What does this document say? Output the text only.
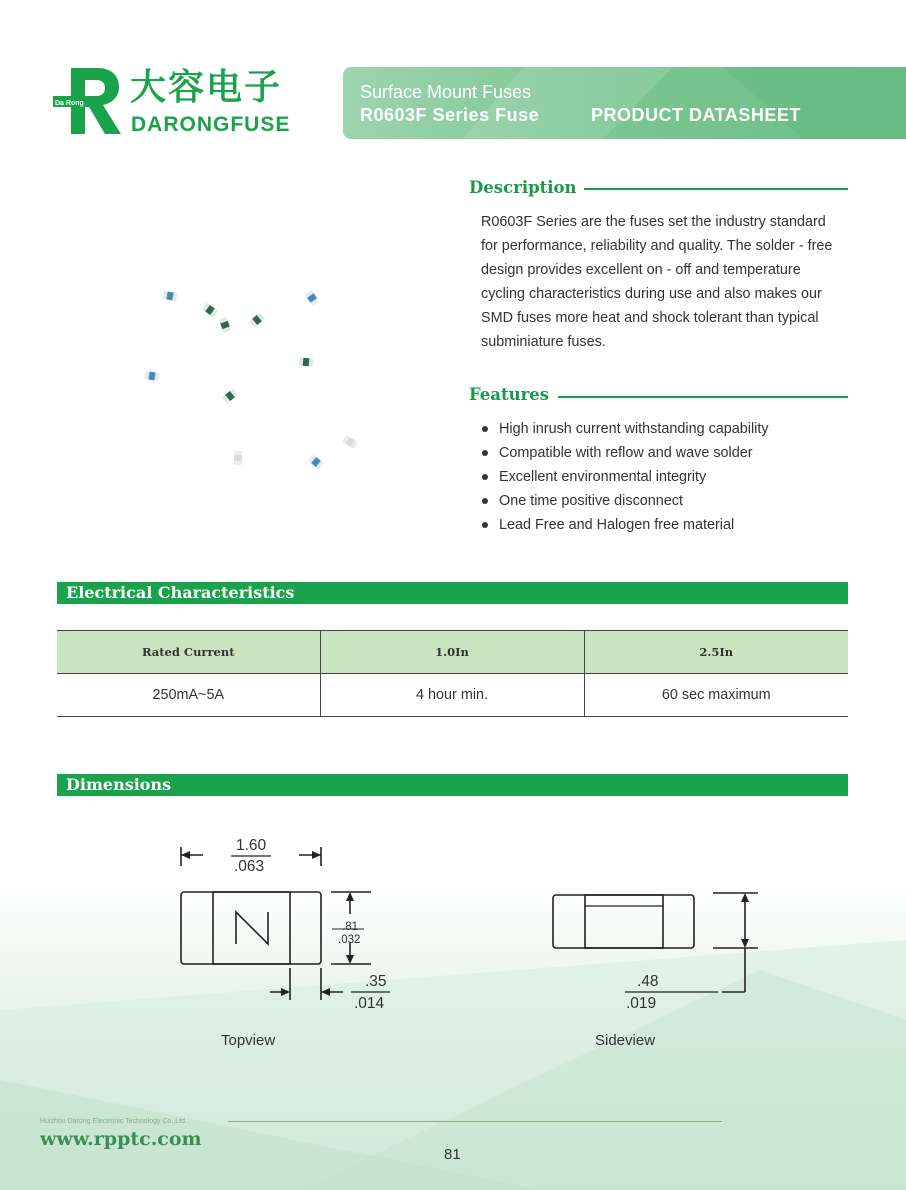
Da Rong 大容电子
DARONGFUSE
Surface Mount Fuses
R0603F Series Fuse	PRODUCT DATASHEET
Description
R0603F Series are the fuses set the industry standard
for performance, reliability and quality. The solder - free
design provides excellent on - off and temperature
cycling characteristics during use and also makes our
SMD fuses more heat and shock tolerant than typical
subminiature fuses.
Features
High inrush current withstanding capability
Compatible with reflow and wave solder
Excellent environmental integrity
One time positive disconnect
Lead Free and Halogen free material
Electrical Characteristics
Rated Current	1.0In	2.5In
250mA~5A	4 hour min.	60 sec maximum
Dimensions
1.60
.063
.81
.032
.35
.014
.48
.019
Topview	Sideview
Huizhou Darong Electronic Technology Co.,Ltd.
www.rpptc.com
81
